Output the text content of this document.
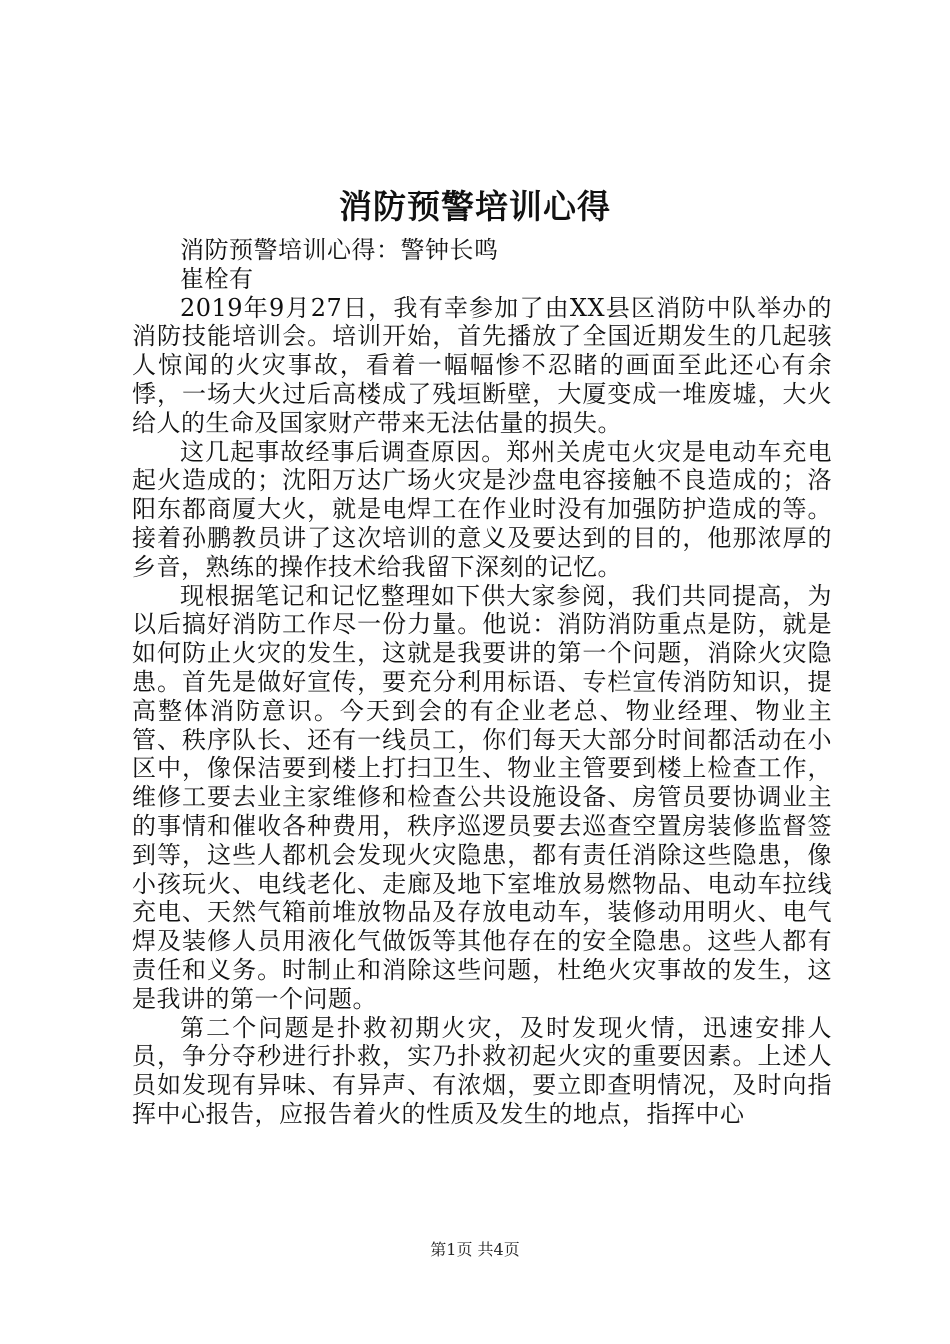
消防预警培训心得

消防预警培训心得：警钟长鸣

崔栓有

2019年9月27日，我有幸参加了由XX县区消防中队举办的消防技能培训会。培训开始，首先播放了全国近期发生的几起骇人惊闻的火灾事故，看着一幅幅惨不忍睹的画面至此还心有余悸，一场大火过后高楼成了残垣断壁，大厦变成一堆废墟，大火给人的生命及国家财产带来无法估量的损失。

这几起事故经事后调查原因。郑州关虎屯火灾是电动车充电起火造成的；沈阳万达广场火灾是沙盘电容接触不良造成的；洛阳东都商厦大火，就是电焊工在作业时没有加强防护造成的等。接着孙鹏教员讲了这次培训的意义及要达到的目的，他那浓厚的乡音，熟练的操作技术给我留下深刻的记忆。

现根据笔记和记忆整理如下供大家参阅，我们共同提高，为以后搞好消防工作尽一份力量。他说：消防消防重点是防，就是如何防止火灾的发生，这就是我要讲的第一个问题，消除火灾隐患。首先是做好宣传，要充分利用标语、专栏宣传消防知识，提高整体消防意识。今天到会的有企业老总、物业经理、物业主管、秩序队长、还有一线员工，你们每天大部分时间都活动在小区中，像保洁要到楼上打扫卫生、物业主管要到楼上检查工作，维修工要去业主家维修和检查公共设施设备、房管员要协调业主的事情和催收各种费用，秩序巡逻员要去巡查空置房装修监督签到等，这些人都机会发现火灾隐患，都有责任消除这些隐患，像小孩玩火、电线老化、走廊及地下室堆放易燃物品、电动车拉线充电、天然气箱前堆放物品及存放电动车，装修动用明火、电气焊及装修人员用液化气做饭等其他存在的安全隐患。这些人都有责任和义务。时制止和消除这些问题，杜绝火灾事故的发生，这是我讲的第一个问题。

第二个问题是扑救初期火灾，及时发现火情，迅速安排人员，争分夺秒进行扑救，实乃扑救初起火灾的重要因素。上述人员如发现有异味、有异声、有浓烟，要立即查明情况，及时向指挥中心报告，应报告着火的性质及发生的地点，指挥中心

第1页 共4页
